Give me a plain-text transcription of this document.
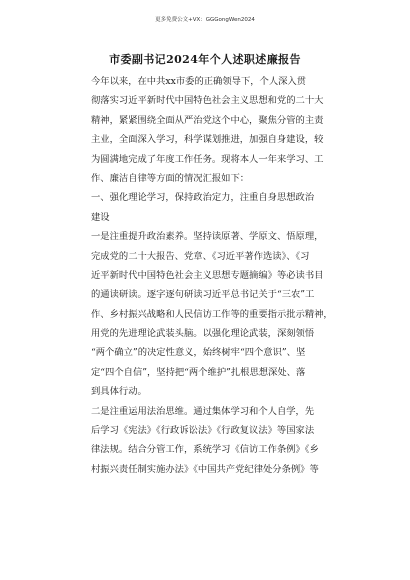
更多免费公文+VX：GGGongWen2024
市委副书记2024年个人述职述廉报告
今年以来，在中共xx市委的正确领导下，个人深入贯
彻落实习近平新时代中国特色社会主义思想和党的二十大
精神，紧紧围绕全面从严治党这个中心，聚焦分管的主责
主业，全面深入学习，科学谋划推进，加强自身建设，较
为圆满地完成了年度工作任务。现将本人一年来学习、工
作、廉洁自律等方面的情况汇报如下：
一、强化理论学习，保持政治定力，注重自身思想政治
建设
一是注重提升政治素养。坚持读原著、学原文、悟原理，
完成党的二十大报告、党章、《习近平著作选读》、《习
近平新时代中国特色社会主义思想专题摘编》等必读书目
的通读研读。逐字逐句研读习近平总书记关于“三农”工
作、乡村振兴战略和人民信访工作等的重要指示批示精神，
用党的先进理论武装头脑。以强化理论武装，深刻领悟
“两个确立”的决定性意义，始终树牢“四个意识”、坚
定“四个自信”，坚持把“两个维护”扎根思想深处、落
到具体行动。
二是注重运用法治思维。通过集体学习和个人自学，先
后学习《宪法》《行政诉讼法》《行政复议法》等国家法
律法规。结合分管工作，系统学习《信访工作条例》《乡
村振兴责任制实施办法》《中国共产党纪律处分条例》等
